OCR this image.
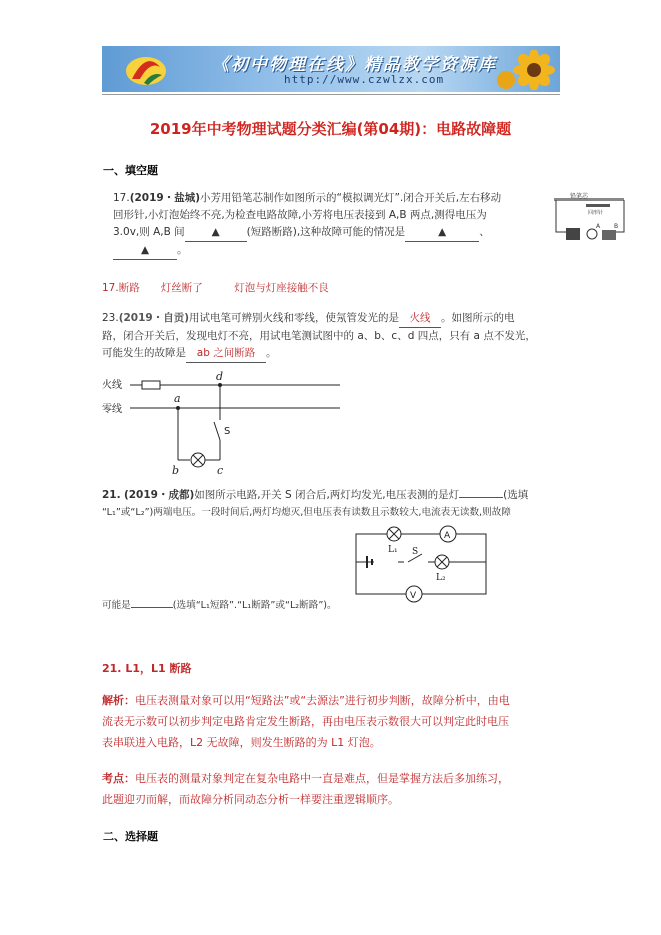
《初中物理在线》精品教学资源库
http://www.czwlzx.com
2019年中考物理试题分类汇编(第04期)：电路故障题
一、填空题
17.(2019・盐城)小芳用铅笔芯制作如图所示的“模拟调光灯”.闭合开关后,左右移动
回形针,小灯泡始终不亮,为检查电路故障,小芳将电压表接到 A,B 两点,测得电压为
3.0v,则 A,B 间	▲	(短路断路),这种故障可能的情况是	▲	、
▲	。
铅笔芯
回形针
A B
17.断路　　灯丝断了　　　灯泡与灯座接触不良
23.(2019・自贡)用试电笔可辨别火线和零线，使氖管发光的是 火线 。如图所示的电
路，闭合开关后，发现电灯不亮，用试电笔测试图中的 a、b、c、d 四点，只有 a 点不发光，
可能发生的故障是 ab 之间断路 。
火线
零线
a
b	c
d
S
21. (2019・成都)如图所示电路,开关 S 闭合后,两灯均发光,电压表测的是灯	(选填
“L₁”或“L₂”)两端电压。一段时间后,两灯均熄灭,但电压表有读数且示数较大,电流表无读数,则故障
A
V
L₁ S
L₂
可能是	(选填“L₁短路”.“L₁断路”或“L₂断路”)。
21. L1，L1 断路
解析：电压表测量对象可以用“短路法”或“去源法”进行初步判断，故障分析中，由电
流表无示数可以初步判定电路肯定发生断路，再由电压表示数很大可以判定此时电压
表串联进入电路，L2 无故障，则发生断路的为 L1 灯泡。
考点：电压表的测量对象判定在复杂电路中一直是难点，但是掌握方法后多加练习，
此题迎刃而解，而故障分析同动态分析一样要注重逻辑顺序。
二、选择题
